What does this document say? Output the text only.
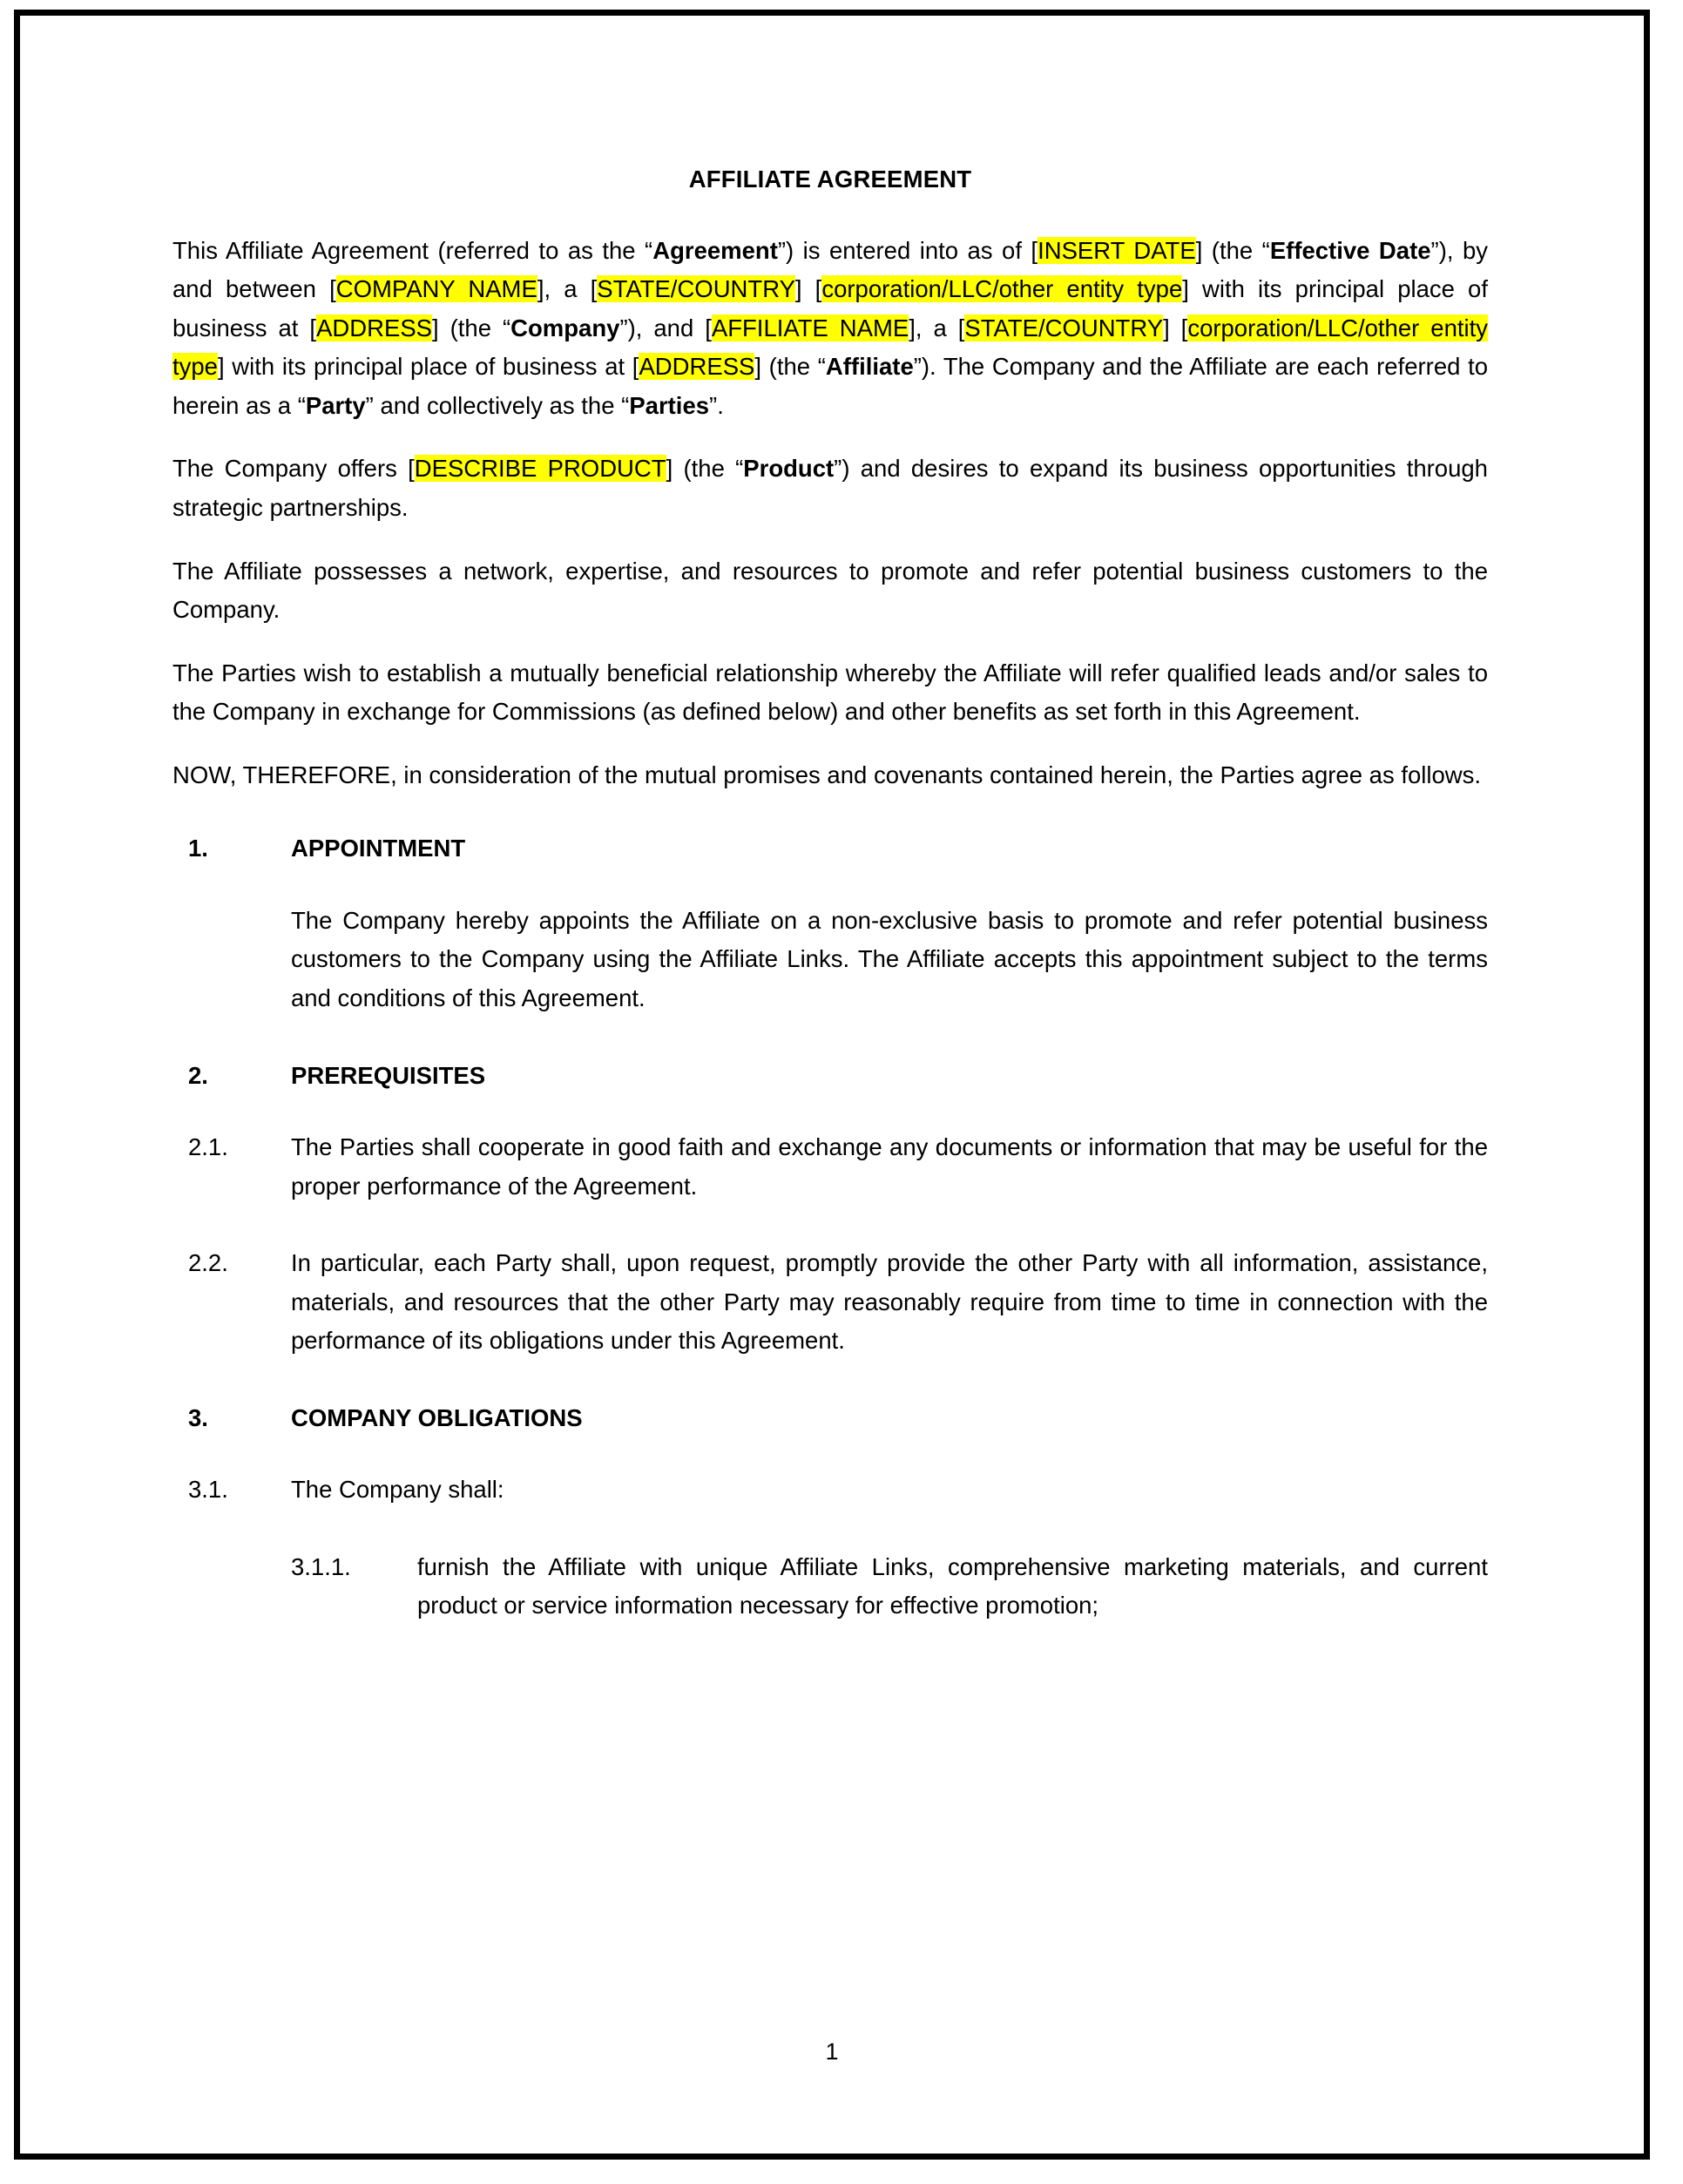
AFFILIATE AGREEMENT

This Affiliate Agreement (referred to as the “Agreement”) is entered into as of [INSERT DATE] (the “Effective Date”), by and between [COMPANY NAME], a [STATE/COUNTRY] [corporation/LLC/other entity type] with its principal place of business at [ADDRESS] (the “Company”), and [AFFILIATE NAME], a [STATE/COUNTRY] [corporation/LLC/other entity type] with its principal place of business at [ADDRESS] (the “Affiliate”). The Company and the Affiliate are each referred to herein as a “Party” and collectively as the “Parties”.

The Company offers [DESCRIBE PRODUCT] (the “Product”) and desires to expand its business opportunities through strategic partnerships.

The Affiliate possesses a network, expertise, and resources to promote and refer potential business customers to the Company.

The Parties wish to establish a mutually beneficial relationship whereby the Affiliate will refer qualified leads and/or sales to the Company in exchange for Commissions (as defined below) and other benefits as set forth in this Agreement.

NOW, THEREFORE, in consideration of the mutual promises and covenants contained herein, the Parties agree as follows.

1.	APPOINTMENT
The Company hereby appoints the Affiliate on a non-exclusive basis to promote and refer potential business customers to the Company using the Affiliate Links. The Affiliate accepts this appointment subject to the terms and conditions of this Agreement.
2.	PREREQUISITES
2.1.	The Parties shall cooperate in good faith and exchange any documents or information that may be useful for the proper performance of the Agreement.
2.2.	In particular, each Party shall, upon request, promptly provide the other Party with all information, assistance, materials, and resources that the other Party may reasonably require from time to time in connection with the performance of its obligations under this Agreement.
3.	COMPANY OBLIGATIONS
3.1.	The Company shall:
3.1.1.	furnish the Affiliate with unique Affiliate Links, comprehensive marketing materials, and current product or service information necessary for effective promotion;
1
